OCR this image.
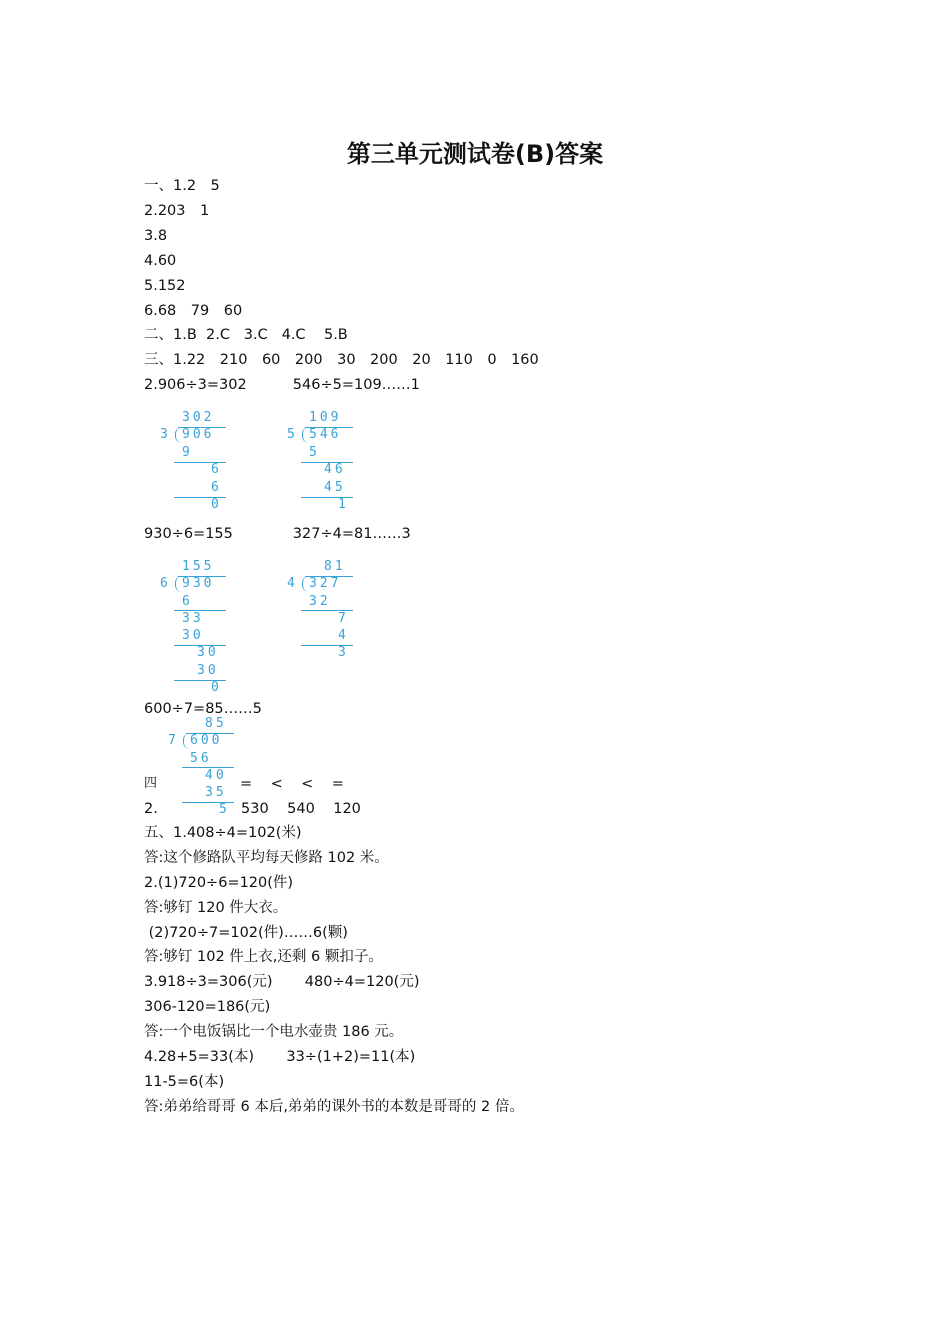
第三单元测试卷(B)答案
一、1.2　5
2.203　1
3.8
4.60
5.152
6.68　79　60
二、1.B  2.C   3.C   4.C    5.B
三、1.22　210　60　200　30　200　20　110　0　160
2.906÷3=302          546÷5=109……1
302
3 906
9
6
6
0
109
5 546
5
46
45
1
930÷6=155             327÷4=81……3
155
6 930
6
33
30
30
30
0
81
4 327
32
7
4
3
600÷7=85……5
85
7 600
56
40
35
5
四	=    <    <    =
2.	530    540    120
五、1.408÷4=102(米)
答:这个修路队平均每天修路 102 米。
2.(1)720÷6=120(件)
答:够钉 120 件大衣。
(2)720÷7=102(件)……6(颗)
答:够钉 102 件上衣,还剩 6 颗扣子。
3.918÷3=306(元)       480÷4=120(元)
306-120=186(元)
答:一个电饭锅比一个电水壶贵 186 元。
4.28+5=33(本)       33÷(1+2)=11(本)
11-5=6(本)
答:弟弟给哥哥 6 本后,弟弟的课外书的本数是哥哥的 2 倍。
